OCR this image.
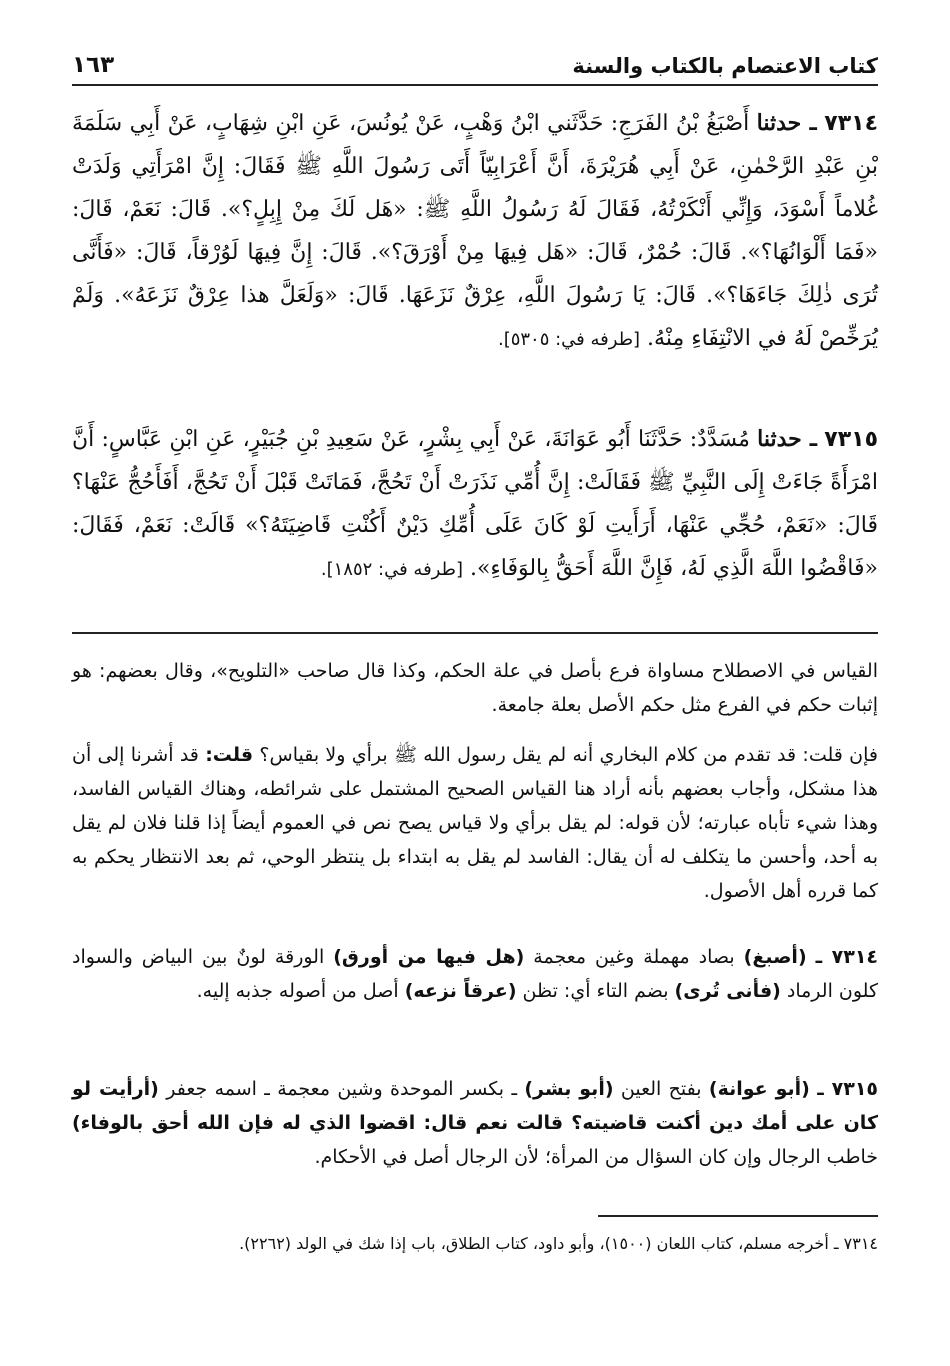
كتاب الاعتصام بالكتاب والسنة
١٦٣
٧٣١٤ ـ حدثنا أَصْبَغُ بْنُ الفَرَجِ: حَدَّثَني ابْنُ وَهْبٍ، عَنْ يُونُسَ، عَنِ ابْنِ شِهَابٍ، عَنْ أَبِي سَلَمَةَ بْنِ عَبْدِ الرَّحْمٰنِ، عَنْ أَبِي هُرَيْرَةَ، أَنَّ أَعْرَابِيّاً أَتَى رَسُولَ اللَّهِ ﷺ فَقَالَ: إِنَّ امْرَأَتِي وَلَدَتْ غُلاماً أَسْوَدَ، وَإِنِّي أَنْكَرْتُهُ، فَقَالَ لَهُ رَسُولُ اللَّهِ ﷺ: «هَل لَكَ مِنْ إِبِلٍ؟». قَالَ: نَعَمْ، قَالَ: «فَمَا أَلْوَانُهَا؟». قَالَ: حُمْرٌ، قَالَ: «هَل فِيهَا مِنْ أَوْرَقَ؟». قَالَ: إِنَّ فِيهَا لَوُرْقاً، قَالَ: «فَأَنَّى تُرَى ذٰلِكَ جَاءَهَا؟». قَالَ: يَا رَسُولَ اللَّهِ، عِرْقٌ نَزَعَهَا. قَالَ: «وَلَعَلَّ هذا عِرْقٌ نَزَعَهُ». وَلَمْ يُرَخِّصْ لَهُ في الانْتِفَاءِ مِنْهُ. [طرفه في: ٥٣٠٥].
٧٣١٥ ـ حدثنا مُسَدَّدٌ: حَدَّثَنَا أَبُو عَوَانَةَ، عَنْ أَبِي بِشْرٍ، عَنْ سَعِيدِ بْنِ جُبَيْرٍ، عَنِ ابْنِ عَبَّاسٍ: أَنَّ امْرَأَةً جَاءَتْ إِلَى النَّبِيِّ ﷺ فَقَالَتْ: إِنَّ أُمِّي نَذَرَتْ أَنْ تَحُجَّ، فَمَاتَتْ قَبْلَ أَنْ تَحُجَّ، أَفَأَحُجُّ عَنْهَا؟ قَالَ: «نَعَمْ، حُجِّي عَنْهَا، أَرَأَيتِ لَوْ كَانَ عَلَى أُمِّكِ دَيْنٌ أَكُنْتِ قَاضِيَتَهُ؟» قَالَتْ: نَعَمْ، فَقَالَ: «فَاقْضُوا اللَّهَ الَّذِي لَهُ، فَإِنَّ اللَّهَ أَحَقُّ بِالوَفَاءِ». [طرفه في: ١٨٥٢].
القياس في الاصطلاح مساواة فرع بأصل في علة الحكم، وكذا قال صاحب «التلويح»، وقال بعضهم: هو إثبات حكم في الفرع مثل حكم الأصل بعلة جامعة.
فإن قلت: قد تقدم من كلام البخاري أنه لم يقل رسول الله ﷺ برأي ولا بقياس؟ قلت: قد أشرنا إلى أن هذا مشكل، وأجاب بعضهم بأنه أراد هنا القياس الصحيح المشتمل على شرائطه، وهناك القياس الفاسد، وهذا شيء تأباه عبارته؛ لأن قوله: لم يقل برأي ولا قياس يصح نص في العموم أيضاً إذا قلنا فلان لم يقل به أحد، وأحسن ما يتكلف له أن يقال: الفاسد لم يقل به ابتداء بل ينتظر الوحي، ثم بعد الانتظار يحكم به كما قرره أهل الأصول.
٧٣١٤ ـ (أصبغ) بصاد مهملة وغين معجمة (هل فيها من أورق) الورقة لونٌ بين البياض والسواد كلون الرماد (فأنى تُرى) بضم التاء أي: تظن (عرقاً نزعه) أصل من أصوله جذبه إليه.
٧٣١٥ ـ (أبو عوانة) بفتح العين (أبو بشر) ـ بكسر الموحدة وشين معجمة ـ اسمه جعفر (أرأيت لو كان على أمك دين أكنت قاضيته؟ قالت نعم قال: اقضوا الذي له فإن الله أحق بالوفاء) خاطب الرجال وإن كان السؤال من المرأة؛ لأن الرجال أصل في الأحكام.
٧٣١٤ ـ أخرجه مسلم، كتاب اللعان (١٥٠٠)، وأبو داود، كتاب الطلاق، باب إذا شك في الولد (٢٢٦٢).
